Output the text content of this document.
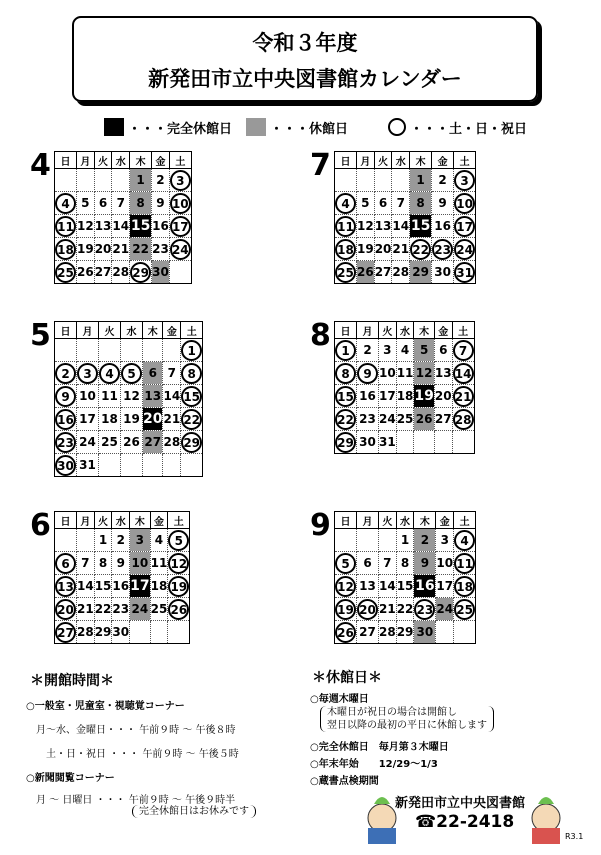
令和３年度
新発田市立中央図書館カレンダー
・・・完全休館日	・・・休館日	・・・土・日・祝日
4 日	月	火	水	木	金	土
				1	2	3
4	5	6	7	8	9	10
11	12	13	14	15	16	17
18	19	20	21	22	23	24
25	26	27	28	29	30	
7 日	月	火	水	木	金	土
				1	2	3
4	5	6	7	8	9	10
11	12	13	14	15	16	17
18	19	20	21	22	23	24
25	26	27	28	29	30	31
5 日	月	火	水	木	金	土
						1
2	3	4	5	6	7	8
9	10	11	12	13	14	15
16	17	18	19	20	21	22
23	24	25	26	27	28	29
30	31					
8 日	月	火	水	木	金	土
1	2	3	4	5	6	7
8	9	10	11	12	13	14
15	16	17	18	19	20	21
22	23	24	25	26	27	28
29	30	31				
6 日	月	火	水	木	金	土
		1	2	3	4	5
6	7	8	9	10	11	12
13	14	15	16	17	18	19
20	21	22	23	24	25	26
27	28	29	30			
9 日	月	火	水	木	金	土
			1	2	3	4
5	6	7	8	9	10	11
12	13	14	15	16	17	18
19	20	21	22	23	24	25
26	27	28	29	30		
＊開館時間＊
○一般室・児童室・視聴覚コーナー
月～水、金曜日・・・ 午前９時 ～ 午後８時
土・日・祝日 ・・・ 午前９時 ～ 午後５時
○新聞閲覧コーナー
月 ～ 日曜日 ・・・ 午前９時 ～ 午後９時半
完全休館日はお休みです
＊休館日＊
○毎週木曜日
木曜日が祝日の場合は開館し
翌日以降の最初の平日に休館します
○完全休館日　毎月第３木曜日
○年末年始　　12/29～1/3
○蔵書点検期間
新発田市立中央図書館
☎22-2418
R3.1
